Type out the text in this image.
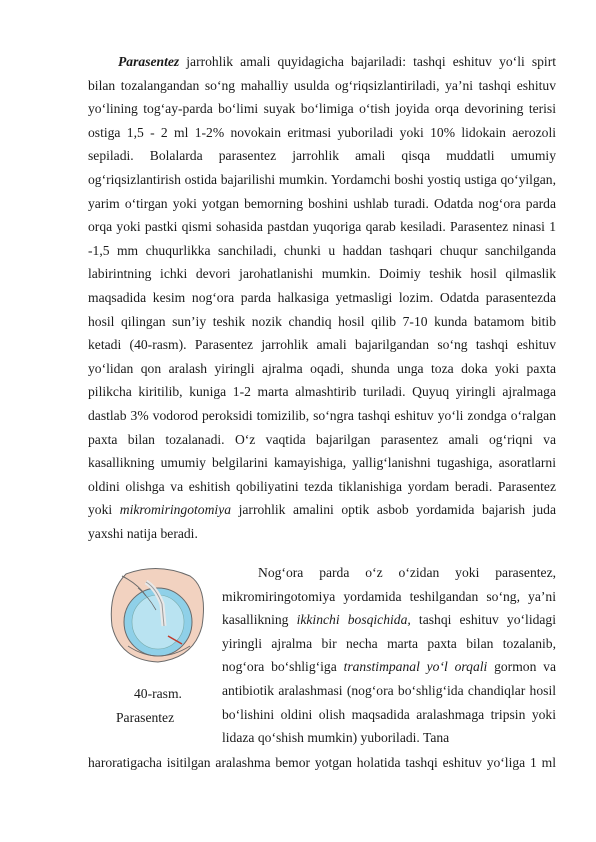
Parasentez jarrohlik amali quyidagicha bajariladi: tashqi eshituv yo‘li spirt bilan tozalangandan so‘ng mahalliy usulda og‘riqsizlantiriladi, ya’ni tashqi eshituv yo‘lining tog‘ay-parda bo‘limi suyak bo‘limiga o‘tish joyida orqa devorining terisi ostiga 1,5 - 2 ml 1-2% novokain eritmasi yuboriladi yoki 10% lidokain aerozoli sepiladi. Bolalarda parasentez jarrohlik amali qisqa muddatli umumiy og‘riqsizlantirish ostida bajarilishi mumkin. Yordamchi boshi yostiq ustiga qo‘yilgan, yarim o‘tirgan yoki yotgan bemorning boshini ushlab turadi. Odatda nog‘ora parda orqa yoki pastki qismi sohasida pastdan yuqoriga qarab kesiladi. Parasentez ninasi 1 -1,5 mm chuqurlikka sanchiladi, chunki u haddan tashqari chuqur sanchilganda labirintning ichki devori jarohatlanishi mumkin. Doimiy teshik hosil qilmaslik maqsadida kesim nog‘ora parda halkasiga yetmasligi lozim. Odatda parasentezda hosil qilingan sun’iy teshik nozik chandiq hosil qilib 7-10 kunda batamom bitib ketadi (40-rasm). Parasentez jarrohlik amali bajarilgandan so‘ng tashqi eshituv yo‘lidan qon aralash yiringli ajralma oqadi, shunda unga toza doka yoki paxta pilikcha kiritilib, kuniga 1-2 marta almashtirib turiladi. Quyuq yiringli ajralmaga dastlab 3% vodorod peroksidi tomizilib, so‘ngra tashqi eshituv yo‘li zondga o‘ralgan paxta bilan tozalanadi. O‘z vaqtida bajarilgan parasentez amali og‘riqni va kasallikning umumiy belgilarini kamayishiga, yallig‘lanishni tugashiga, asoratlarni oldini olishga va eshitish qobiliyatini tezda tiklanishiga yordam beradi. Parasentez yoki mikromiringotomiya jarrohlik amalini optik asbob yordamida bajarish juda yaxshi natija beradi.

40-rasm.
Parasentez

Nog‘ora parda o‘z o‘zidan yoki parasentez, mikromiringotomiya yordamida teshilgandan so‘ng, ya’ni kasallikning ikkinchi bosqichida, tashqi eshituv yo‘lidagi yiringli ajralma bir necha marta paxta bilan tozalanib, nog‘ora bo‘shlig‘iga transtimpanal yo‘l orqali gormon va antibiotik aralashmasi (nog‘ora bo‘shlig‘ida chandiqlar hosil bo‘lishini oldini olish maqsadida aralashmaga tripsin yoki lidaza qo‘shish mumkin) yuboriladi. Tana

haroratigacha isitilgan aralashma bemor yotgan holatida tashqi eshituv yo‘liga 1 ml
